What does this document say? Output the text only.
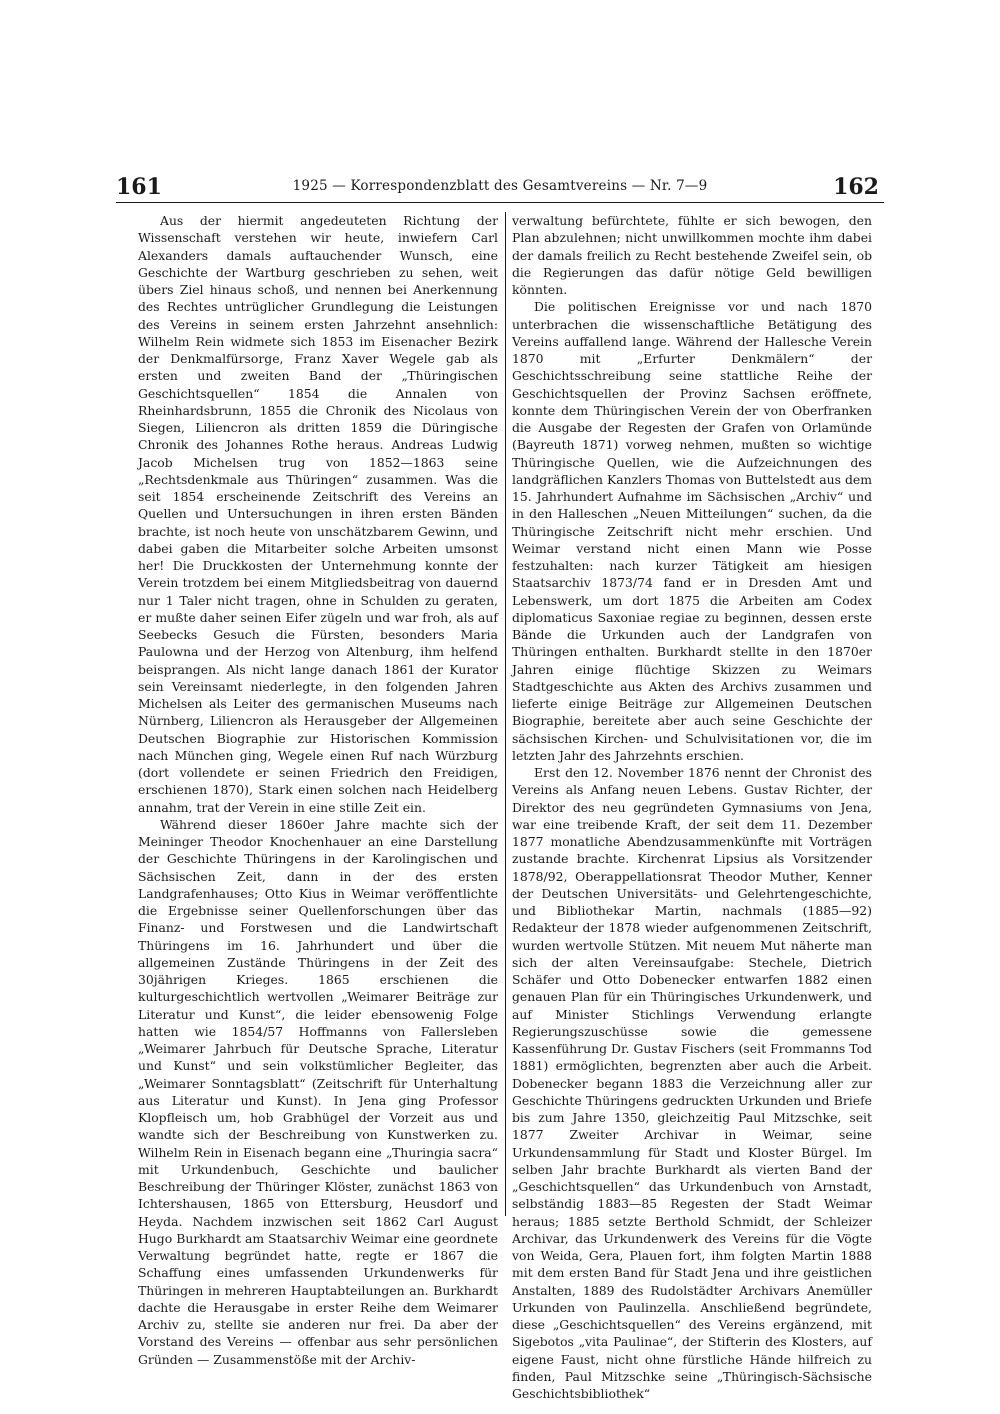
161	1925 — Korrespondenzblatt des Gesamtvereins — Nr. 7—9	162

Aus der hiermit angedeuteten Richtung der Wissenschaft verstehen wir heute, inwiefern Carl Alexanders damals auftauchender Wunsch, eine Geschichte der Wartburg geschrieben zu sehen, weit übers Ziel hinaus schoß, und nennen bei Anerkennung des Rechtes untrüglicher Grundlegung die Leistungen des Vereins in seinem ersten Jahrzehnt ansehnlich: Wilhelm Rein widmete sich 1853 im Eisenacher Bezirk der Denkmalfürsorge, Franz Xaver Wegele gab als ersten und zweiten Band der „Thüringischen Geschichtsquellen“ 1854 die Annalen von Rheinhardsbrunn, 1855 die Chronik des Nicolaus von Siegen, Liliencron als dritten 1859 die Düringische Chronik des Johannes Rothe heraus. Andreas Ludwig Jacob Michelsen trug von 1852—1863 seine „Rechtsdenkmale aus Thüringen“ zusammen. Was die seit 1854 erscheinende Zeitschrift des Vereins an Quellen und Untersuchungen in ihren ersten Bänden brachte, ist noch heute von unschätzbarem Gewinn, und dabei gaben die Mitarbeiter solche Arbeiten umsonst her! Die Druckkosten der Unternehmung konnte der Verein trotzdem bei einem Mitgliedsbeitrag von dauernd nur 1 Taler nicht tragen, ohne in Schulden zu geraten, er mußte daher seinen Eifer zügeln und war froh, als auf Seebecks Gesuch die Fürsten, besonders Maria Paulowna und der Herzog von Altenburg, ihm helfend beisprangen. Als nicht lange danach 1861 der Kurator sein Vereinsamt niederlegte, in den folgenden Jahren Michelsen als Leiter des germanischen Museums nach Nürnberg, Liliencron als Herausgeber der Allgemeinen Deutschen Biographie zur Historischen Kommission nach München ging, Wegele einen Ruf nach Würzburg (dort vollendete er seinen Friedrich den Freidigen, erschienen 1870), Stark einen solchen nach Heidelberg annahm, trat der Verein in eine stille Zeit ein.

Während dieser 1860er Jahre machte sich der Meininger Theodor Knochenhauer an eine Darstellung der Geschichte Thüringens in der Karolingischen und Sächsischen Zeit, dann in der des ersten Landgrafenhauses; Otto Kius in Weimar veröffentlichte die Ergebnisse seiner Quellenforschungen über das Finanz- und Forstwesen und die Landwirtschaft Thüringens im 16. Jahrhundert und über die allgemeinen Zustände Thüringens in der Zeit des 30jährigen Krieges. 1865 erschienen die kulturgeschichtlich wertvollen „Weimarer Beiträge zur Literatur und Kunst“, die leider ebensowenig Folge hatten wie 1854/57 Hoffmanns von Fallersleben „Weimarer Jahrbuch für Deutsche Sprache, Literatur und Kunst“ und sein volkstümlicher Begleiter, das „Weimarer Sonntagsblatt“ (Zeitschrift für Unterhaltung aus Literatur und Kunst). In Jena ging Professor Klopfleisch um, hob Grabhügel der Vorzeit aus und wandte sich der Beschreibung von Kunstwerken zu. Wilhelm Rein in Eisenach begann eine „Thuringia sacra“ mit Urkundenbuch, Geschichte und baulicher Beschreibung der Thüringer Klöster, zunächst 1863 von Ichtershausen, 1865 von Ettersburg, Heusdorf und Heyda. Nachdem inzwischen seit 1862 Carl August Hugo Burkhardt am Staatsarchiv Weimar eine geordnete Verwaltung begründet hatte, regte er 1867 die Schaffung eines umfassenden Urkundenwerks für Thüringen in mehreren Hauptabteilungen an. Burkhardt dachte die Herausgabe in erster Reihe dem Weimarer Archiv zu, stellte sie anderen nur frei. Da aber der Vorstand des Vereins — offenbar aus sehr persönlichen Gründen — Zusammenstöße mit der Archiv-

verwaltung befürchtete, fühlte er sich bewogen, den Plan abzulehnen; nicht unwillkommen mochte ihm dabei der damals freilich zu Recht bestehende Zweifel sein, ob die Regierungen das dafür nötige Geld bewilligen könnten.

Die politischen Ereignisse vor und nach 1870 unterbrachen die wissenschaftliche Betätigung des Vereins auffallend lange. Während der Hallesche Verein 1870 mit „Erfurter Denkmälern“ der Geschichtsschreibung seine stattliche Reihe der Geschichtsquellen der Provinz Sachsen eröffnete, konnte dem Thüringischen Verein der von Oberfranken die Ausgabe der Regesten der Grafen von Orlamünde (Bayreuth 1871) vorweg nehmen, mußten so wichtige Thüringische Quellen, wie die Aufzeichnungen des landgräflichen Kanzlers Thomas von Buttelstedt aus dem 15. Jahrhundert Aufnahme im Sächsischen „Archiv“ und in den Halleschen „Neuen Mitteilungen“ suchen, da die Thüringische Zeitschrift nicht mehr erschien. Und Weimar verstand nicht einen Mann wie Posse festzuhalten: nach kurzer Tätigkeit am hiesigen Staatsarchiv 1873/74 fand er in Dresden Amt und Lebenswerk, um dort 1875 die Arbeiten am Codex diplomaticus Saxoniae regiae zu beginnen, dessen erste Bände die Urkunden auch der Landgrafen von Thüringen enthalten. Burkhardt stellte in den 1870er Jahren einige flüchtige Skizzen zu Weimars Stadtgeschichte aus Akten des Archivs zusammen und lieferte einige Beiträge zur Allgemeinen Deutschen Biographie, bereitete aber auch seine Geschichte der sächsischen Kirchen- und Schulvisitationen vor, die im letzten Jahr des Jahrzehnts erschien.

Erst den 12. November 1876 nennt der Chronist des Vereins als Anfang neuen Lebens. Gustav Richter, der Direktor des neu gegründeten Gymnasiums von Jena, war eine treibende Kraft, der seit dem 11. Dezember 1877 monatliche Abendzusammenkünfte mit Vorträgen zustande brachte. Kirchenrat Lipsius als Vorsitzender 1878/92, Oberappellationsrat Theodor Muther, Kenner der Deutschen Universitäts- und Gelehrtengeschichte, und Bibliothekar Martin, nachmals (1885—92) Redakteur der 1878 wieder aufgenommenen Zeitschrift, wurden wertvolle Stützen. Mit neuem Mut näherte man sich der alten Vereinsaufgabe: Stechele, Dietrich Schäfer und Otto Dobenecker entwarfen 1882 einen genauen Plan für ein Thüringisches Urkundenwerk, und auf Minister Stichlings Verwendung erlangte Regierungszuschüsse sowie die gemessene Kassenführung Dr. Gustav Fischers (seit Frommanns Tod 1881) ermöglichten, begrenzten aber auch die Arbeit. Dobenecker begann 1883 die Verzeichnung aller zur Geschichte Thüringens gedruckten Urkunden und Briefe bis zum Jahre 1350, gleichzeitig Paul Mitzschke, seit 1877 Zweiter Archivar in Weimar, seine Urkundensammlung für Stadt und Kloster Bürgel. Im selben Jahr brachte Burkhardt als vierten Band der „Geschichtsquellen“ das Urkundenbuch von Arnstadt, selbständig 1883—85 Regesten der Stadt Weimar heraus; 1885 setzte Berthold Schmidt, der Schleizer Archivar, das Urkundenwerk des Vereins für die Vögte von Weida, Gera, Plauen fort, ihm folgten Martin 1888 mit dem ersten Band für Stadt Jena und ihre geistlichen Anstalten, 1889 des Rudolstädter Archivars Anemüller Urkunden von Paulinzella. Anschließend begründete, diese „Geschichtsquellen“ des Vereins ergänzend, mit Sigebotos „vita Paulinae“, der Stifterin des Klosters, auf eigene Faust, nicht ohne fürstliche Hände hilfreich zu finden, Paul Mitzschke seine „Thüringisch-Sächsische Geschichtsbibliothek“
